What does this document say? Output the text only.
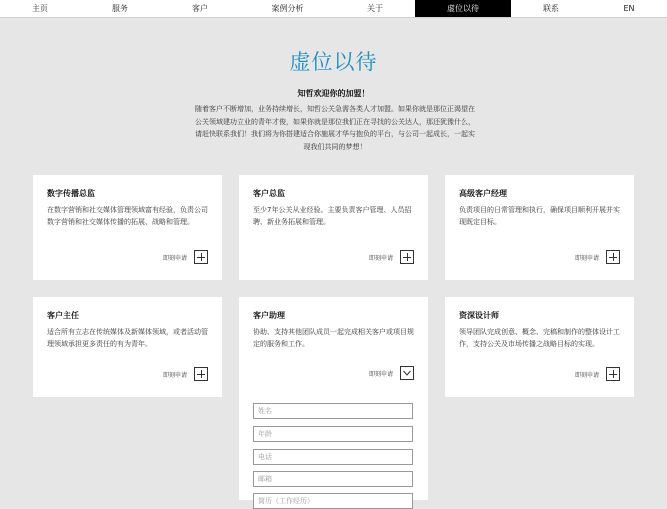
主页	服务	客户	案例分析	关于	虚位以待	联系	EN
虚位以待
知哲欢迎你的加盟！
随着客户不断增加，业务持续增长，知哲公关急需各类人才加盟。如果你就是那位正渴望在公关领域建功立业的青年才俊，如果你就是那位我们正在寻找的公关达人，那还犹豫什么，请赶快联系我们！我们将为你搭建适合你施展才华与抱负的平台，与公司一起成长，一起实现我们共同的梦想！
数字传播总监
在数字营销和社交媒体管理领域富有经验，负责公司数字营销和社交媒体传播的拓展、战略和管理。
即刻申请
客户总监
至少7年公关从业经验。主要负责客户管理、人员招聘、新业务拓展和管理。
即刻申请
高级客户经理
负责项目的日常管理和执行，确保项目顺利开展并实现既定目标。
即刻申请
客户主任
适合所有立志在传统媒体及新媒体领域，或者活动管理领域承担更多责任的有为青年。
即刻申请
客户助理
协助、支持其他团队成员一起完成相关客户或项目规定的服务和工作。
即刻申请
资深设计师
领导团队完成创意、概念、完稿和制作的整体设计工作，支持公关及市场传播之战略目标的实现。
即刻申请
姓名
年龄
电话
邮箱
简历（工作经历）
